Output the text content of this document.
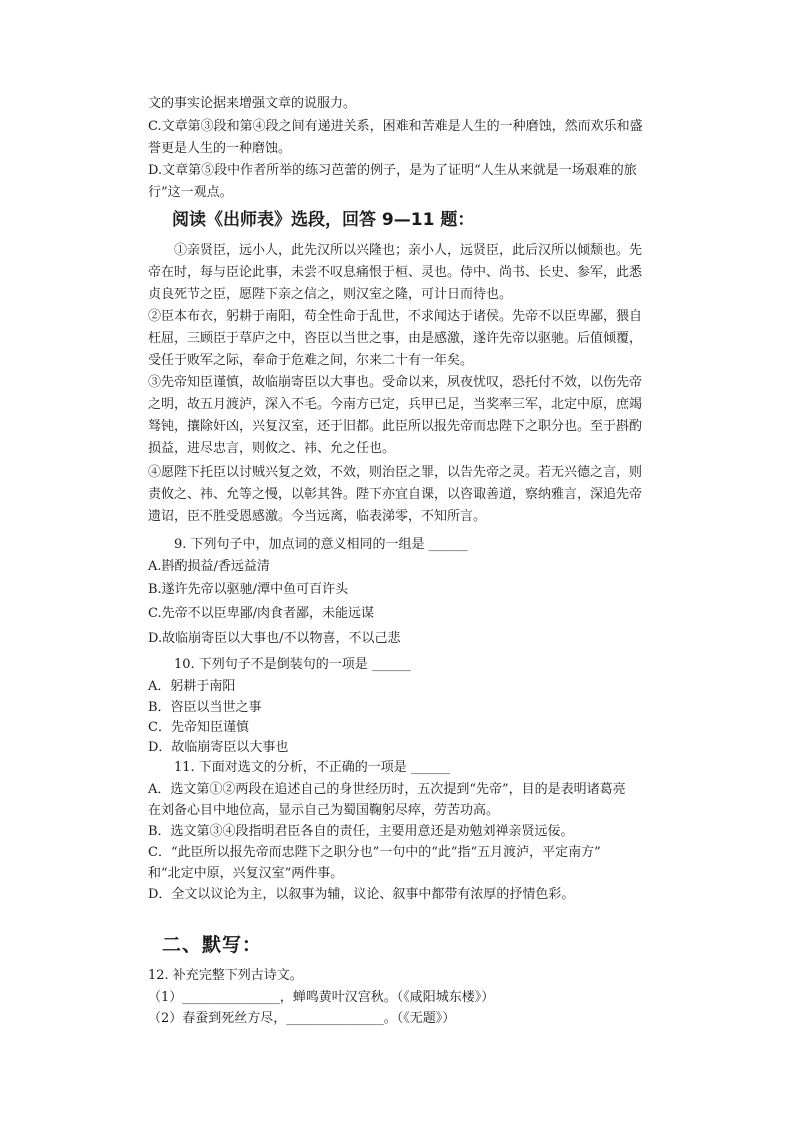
文的事实论据来增强文章的说服力。
C.文章第③段和第④段之间有递进关系，困难和苦难是人生的一种磨蚀，然而欢乐和盛
誉更是人生的一种磨蚀。
D.文章第⑤段中作者所举的练习芭蕾的例子，是为了证明“人生从来就是一场艰难的旅
行”这一观点。
阅读《出师表》选段，回答 9—11 题：
①亲贤臣，远小人，此先汉所以兴隆也；亲小人，远贤臣，此后汉所以倾颓也。先
帝在时，每与臣论此事，未尝不叹息痛恨于桓、灵也。侍中、尚书、长史、参军，此悉
贞良死节之臣，愿陛下亲之信之，则汉室之隆，可计日而待也。
②臣本布衣，躬耕于南阳，苟全性命于乱世，不求闻达于诸侯。先帝不以臣卑鄙，猥自
枉屈，三顾臣于草庐之中，咨臣以当世之事，由是感激，遂许先帝以驱驰。后值倾覆，
受任于败军之际，奉命于危难之间，尔来二十有一年矣。
③先帝知臣谨慎，故临崩寄臣以大事也。受命以来，夙夜忧叹，恐托付不效，以伤先帝
之明，故五月渡泸，深入不毛。今南方已定，兵甲已足，当奖率三军，北定中原，庶竭
驽钝，攘除奸凶，兴复汉室，还于旧都。此臣所以报先帝而忠陛下之职分也。至于斟酌
损益，进尽忠言，则攸之、祎、允之任也。
④愿陛下托臣以讨贼兴复之效，不效，则治臣之罪，以告先帝之灵。若无兴德之言，则
责攸之、祎、允等之慢，以彰其咎。陛下亦宜自课，以咨诹善道，察纳雅言，深追先帝
遗诏，臣不胜受恩感激。今当远离，临表涕零，不知所言。
9. 下列句子中，加点词的意义相同的一组是 ______
A.斟酌损益/香远益清
B.遂许先帝以驱驰/潭中鱼可百许头
C.先帝不以臣卑鄙/肉食者鄙，未能远谋
D.故临崩寄臣以大事也/不以物喜，不以己悲
10. 下列句子不是倒装句的一项是 ______
A．躬耕于南阳
B．咨臣以当世之事
C．先帝知臣谨慎
D．故临崩寄臣以大事也
11. 下面对选文的分析，不正确的一项是 ______
A．选文第①②两段在追述自己的身世经历时，五次提到“先帝”，目的是表明诸葛亮
在刘备心目中地位高，显示自己为蜀国鞠躬尽瘁，劳苦功高。
B．选文第③④段指明君臣各自的责任，主要用意还是劝勉刘禅亲贤远佞。
C．“此臣所以报先帝而忠陛下之职分也”一句中的“此”指“五月渡泸，平定南方”
和“北定中原，兴复汉室”两件事。
D．全文以议论为主，以叙事为辅，议论、叙事中都带有浓厚的抒情色彩。
二、默写：
12. 补充完整下列古诗文。
（1）_______________，蝉鸣黄叶汉宫秋。（《咸阳城东楼》）
（2）春蚕到死丝方尽，_______________。（《无题》）
